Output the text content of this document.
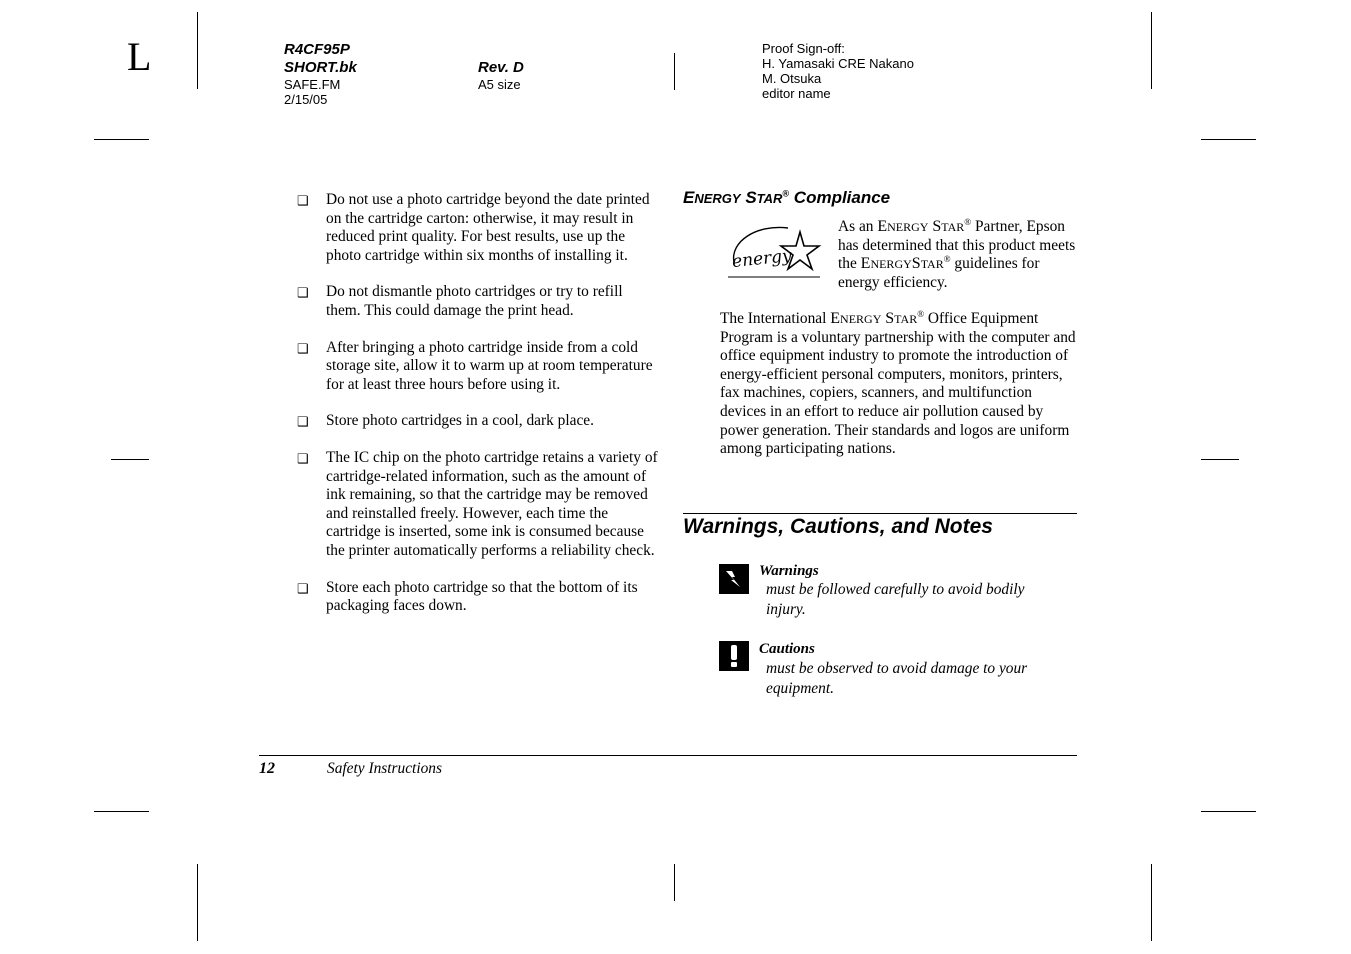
L	R4CF95P
SHORT.bk
SAFE.FM
2/15/05
Rev. D
A5 size
Proof Sign-off:
H. Yamasaki CRE Nakano
M. Otsuka
editor name
❑ Do not use a photo cartridge beyond the date printed on the cartridge carton: otherwise, it may result in reduced print quality. For best results, use up the photo cartridge within six months of installing it.
❑ Do not dismantle photo cartridges or try to refill them. This could damage the print head.
❑ After bringing a photo cartridge inside from a cold storage site, allow it to warm up at room temperature for at least three hours before using it.
❑ Store photo cartridges in a cool, dark place.
❑ The IC chip on the photo cartridge retains a variety of cartridge-related information, such as the amount of ink remaining, so that the cartridge may be removed and reinstalled freely. However, each time the cartridge is inserted, some ink is consumed because the printer automatically performs a reliability check.
❑ Store each photo cartridge so that the bottom of its packaging faces down.
ENERGY STAR® Compliance
energy
As an ENERGY STAR® Partner, Epson has determined that this product meets the ENERGYSTAR® guidelines for energy efficiency.
The International ENERGY STAR® Office Equipment Program is a voluntary partnership with the computer and office equipment industry to promote the introduction of energy-efficient personal computers, monitors, printers, fax machines, copiers, scanners, and multifunction devices in an effort to reduce air pollution caused by power generation. Their standards and logos are uniform among participating nations.
Warnings, Cautions, and Notes
Warnings
must be followed carefully to avoid bodily injury.
Cautions
must be observed to avoid damage to your equipment.
12	Safety Instructions
